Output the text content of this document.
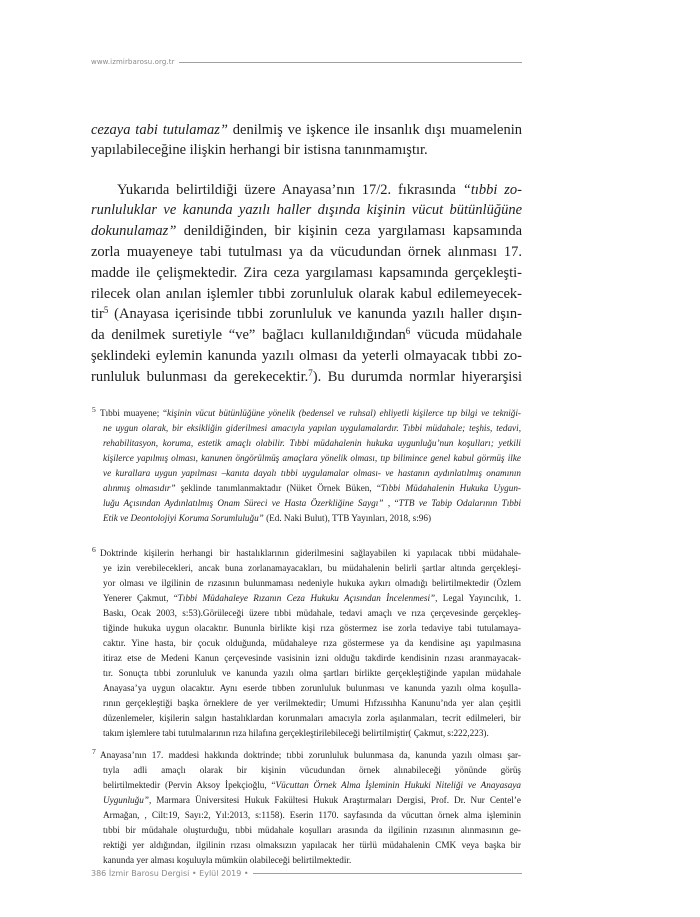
www.izmirbarosu.org.tr
cezaya tabi tutulamaz” denilmiş ve işkence ile insanlık dışı muamelenin
yapılabileceğine ilişkin herhangi bir istisna tanınmamıştır.
Yukarıda belirtildiği üzere Anayasa’nın 17/2. fıkrasında “tıbbi zo-
runluluklar ve kanunda yazılı haller dışında kişinin vücut bütünlüğüne
dokunulamaz” denildiğinden, bir kişinin ceza yargılaması kapsamında
zorla muayeneye tabi tutulması ya da vücudundan örnek alınması 17.
madde ile çelişmektedir. Zira ceza yargılaması kapsamında gerçekleşti-
rilecek olan anılan işlemler tıbbi zorunluluk olarak kabul edilemeyecek-
tir$^5$ (Anayasa içerisinde tıbbi zorunluluk ve kanunda yazılı haller dışın-
da denilmek suretiyle “ve” bağlacı kullanıldığından$^6$ vücuda müdahale
şeklindeki eylemin kanunda yazılı olması da yeterli olmayacak tıbbi zo-
runluluk bulunması da gerekecektir.$^7$). Bu durumda normlar hiyerarşisi
5 Tıbbi muayene; “kişinin vücut bütünlüğüne yönelik (bedensel ve ruhsal) ehliyetli kişilerce tıp bilgi ve tekniği-
ne uygun olarak, bir eksikliğin giderilmesi amacıyla yapılan uygulamalardır. Tıbbi müdahale; teşhis, tedavi,
rehabilitasyon, koruma, estetik amaçlı olabilir. Tıbbi müdahalenin hukuka uygunluğu’nun koşulları; yetkili
kişilerce yapılmış olması, kanunen öngörülmüş amaçlara yönelik olması, tıp bilimince genel kabul görmüş ilke
ve kurallara uygun yapılması –kanıta dayalı tıbbi uygulamalar olması- ve hastanın aydınlatılmış onamının
alınmış olmasıdır” şeklinde tanımlanmaktadır (Nüket Örnek Büken, “Tıbbi Müdahalenin Hukuka Uygun-
luğu Açısından Aydınlatılmış Onam Süreci ve Hasta Özerkliğine Saygı” , “TTB ve Tabip Odalarının Tıbbi
Etik ve Deontolojiyi Koruma Sorumluluğu” (Ed. Naki Bulut), TTB Yayınları, 2018, s:96)
6 Doktrinde kişilerin herhangi bir hastalıklarının giderilmesini sağlayabilen ki yapılacak tıbbi müdahale-
ye izin verebilecekleri, ancak buna zorlanamayacakları, bu müdahalenin belirli şartlar altında gerçekleşi-
yor olması ve ilgilinin de rızasının bulunmaması nedeniyle hukuka aykırı olmadığı belirtilmektedir (Özlem
Yenerer Çakmut, “Tıbbi Müdahaleye Rızanın Ceza Hukuku Açısından İncelenmesi”, Legal Yayıncılık, 1.
Baskı, Ocak 2003, s:53).Görüleceği üzere tıbbi müdahale, tedavi amaçlı ve rıza çerçevesinde gerçekleş-
tiğinde hukuka uygun olacaktır. Bununla birlikte kişi rıza göstermez ise zorla tedaviye tabi tutulamaya-
caktır. Yine hasta, bir çocuk olduğunda, müdahaleye rıza göstermese ya da kendisine aşı yapılmasına
itiraz etse de Medeni Kanun çerçevesinde vasisinin izni olduğu takdirde kendisinin rızası aranmayacak-
tır. Sonuçta tıbbi zorunluluk ve kanunda yazılı olma şartları birlikte gerçekleştiğinde yapılan müdahale
Anayasa’ya uygun olacaktır. Aynı eserde tıbben zorunluluk bulunması ve kanunda yazılı olma koşulla-
rının gerçekleştiği başka örneklere de yer verilmektedir; Umumi Hıfzıssıhha Kanunu’nda yer alan çeşitli
düzenlemeler, kişilerin salgın hastalıklardan korunmaları amacıyla zorla aşılanmaları, tecrit edilmeleri, bir
takım işlemlere tabi tutulmalarının rıza hilafına gerçekleştirilebileceği belirtilmiştir( Çakmut, s:222,223).
7 Anayasa’nın 17. maddesi hakkında doktrinde; tıbbi zorunluluk bulunmasa da, kanunda yazılı olması şar-
tıyla adli amaçlı olarak bir kişinin vücudundan örnek alınabileceği yönünde görüş
belirtilmektedir (Pervin Aksoy İpekçioğlu, “Vücuttan Örnek Alma İşleminin Hukuki Niteliği ve Anayasaya
Uygunluğu”, Marmara Üniversitesi Hukuk Fakültesi Hukuk Araştırmaları Dergisi, Prof. Dr. Nur Centel’e
Armağan, , Cilt:19, Sayı:2, Yıl:2013, s:1158). Eserin 1170. sayfasında da vücuttan örnek alma işleminin
tıbbi bir müdahale oluşturduğu, tıbbi müdahale koşulları arasında da ilgilinin rızasının alınmasının ge-
rektiği yer aldığından, ilgilinin rızası olmaksızın yapılacak her türlü müdahalenin CMK veya başka bir
kanunda yer alması koşuluyla mümkün olabileceği belirtilmektedir.
386 İzmir Barosu Dergisi • Eylül 2019 •
